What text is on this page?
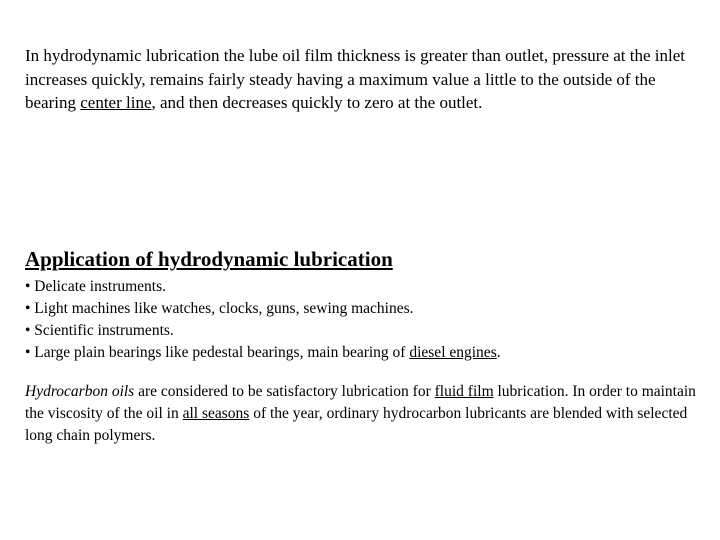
In hydrodynamic lubrication the lube oil film thickness is greater than outlet, pressure at the inlet increases quickly, remains fairly steady having a maximum value a little to the outside of the bearing center line, and then decreases quickly to zero at the outlet.

Application of hydrodynamic lubrication
• Delicate instruments.
• Light machines like watches, clocks, guns, sewing machines.
• Scientific instruments.
• Large plain bearings like pedestal bearings, main bearing of diesel engines.

Hydrocarbon oils are considered to be satisfactory lubrication for fluid film lubrication. In order to maintain the viscosity of the oil in all seasons of the year, ordinary hydrocarbon lubricants are blended with selected long chain polymers.
